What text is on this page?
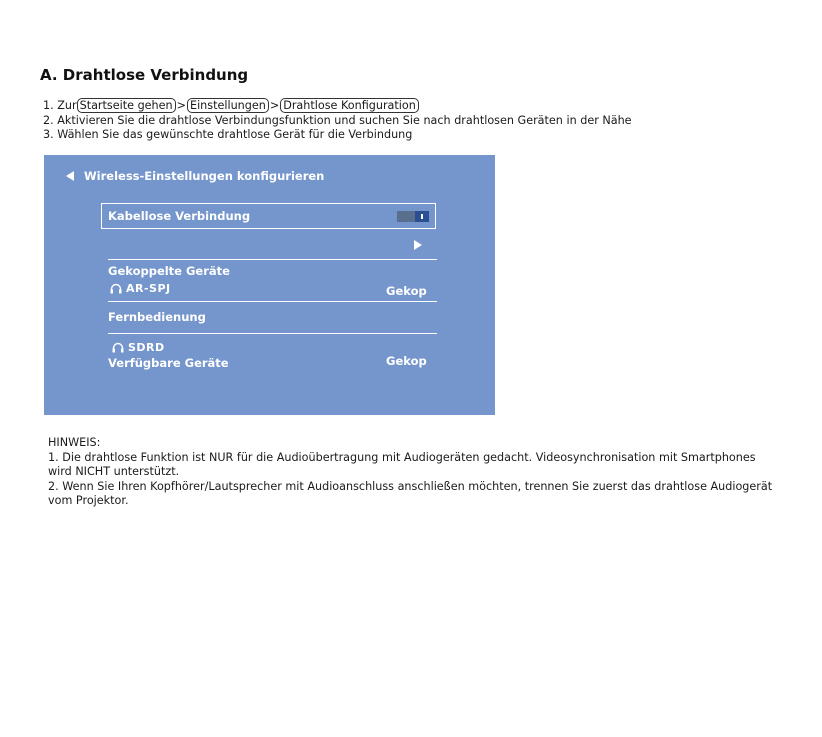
A. Drahtlose Verbindung
1. Zur Startseite gehen > Einstellungen > Drahtlose Konfiguration
2. Aktivieren Sie die drahtlose Verbindungsfunktion und suchen Sie nach drahtlosen Geräten in der Nähe
3. Wählen Sie das gewünschte drahtlose Gerät für die Verbindung
Wireless-Einstellungen konfigurieren
Kabellose Verbindung
Gekoppelte Geräte
AR-SPJ	Gekop
Fernbedienung
SDRD
Verfügbare Geräte	Gekop

HINWEIS:

1. Die drahtlose Funktion ist NUR für die Audioübertragung mit Audiogeräten gedacht. Videosynchronisation mit Smartphones wird NICHT unterstützt.

2. Wenn Sie Ihren Kopfhörer/Lautsprecher mit Audioanschluss anschließen möchten, trennen Sie zuerst das drahtlose Audiogerät vom Projektor.
